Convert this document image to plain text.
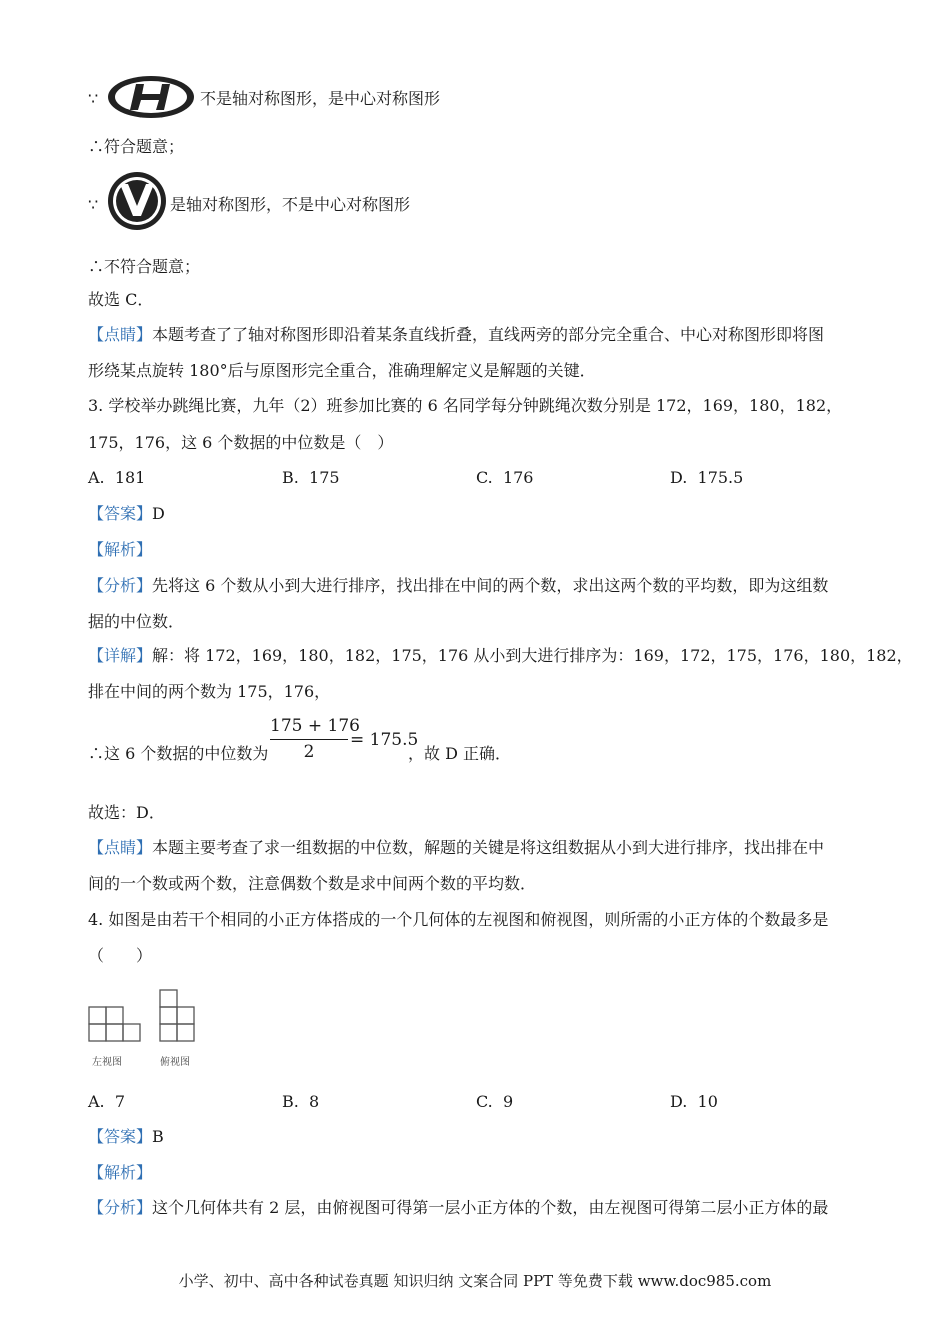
∵	不是轴对称图形，是中心对称图形
∴符合题意；
∵	是轴对称图形，不是中心对称图形
∴不符合题意；
故选 C．
【点睛】本题考查了了轴对称图形即沿着某条直线折叠，直线两旁的部分完全重合、中心对称图形即将图
形绕某点旋转 180°后与原图形完全重合，准确理解定义是解题的关键．
3. 学校举办跳绳比赛，九年（2）班参加比赛的 6 名同学每分钟跳绳次数分别是 172，169，180，182，
175，176，这 6 个数据的中位数是（　）
A. 181	B. 175	C. 176	D. 175.5
【答案】D
【解析】
【分析】先将这 6 个数从小到大进行排序，找出排在中间的两个数，求出这两个数的平均数，即为这组数
据的中位数．
【详解】解：将 172，169，180，182，175，176 从小到大进行排序为：169，172，175，176，180，182，
排在中间的两个数为 175，176，
∴这 6 个数据的中位数为
175 + 176
2
= 175.5
，故 D 正确．
故选：D．
【点睛】本题主要考查了求一组数据的中位数，解题的关键是将这组数据从小到大进行排序，找出排在中
间的一个数或两个数，注意偶数个数是求中间两个数的平均数．
4. 如图是由若干个相同的小正方体搭成的一个几何体的左视图和俯视图，则所需的小正方体的个数最多是
（　　）
左视图	俯视图
A. 7	B. 8	C. 9	D. 10
【答案】B
【解析】
【分析】这个几何体共有 2 层，由俯视图可得第一层小正方体的个数，由左视图可得第二层小正方体的最
小学、初中、高中各种试卷真题 知识归纳 文案合同 PPT 等免费下载 www.doc985.com
